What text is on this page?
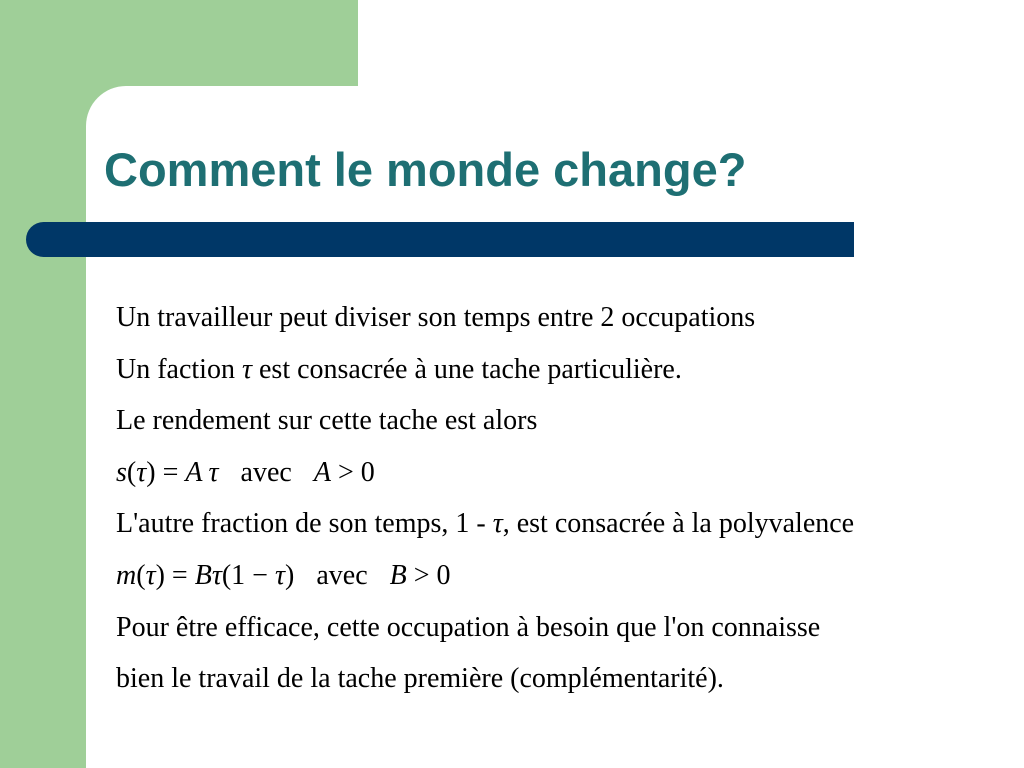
Comment le monde change?
Un travailleur peut diviser son temps entre 2 occupations
Un faction τ est consacrée à une tache particulière.
Le rendement sur cette tache est alors
s(τ) = A τ avec A > 0
L'autre fraction de son temps, 1 - τ, est consacrée à la polyvalence
m(τ) = Bτ(1 − τ) avec B > 0
Pour être efficace, cette occupation à besoin que l'on connaisse
bien le travail de la tache première (complémentarité).
